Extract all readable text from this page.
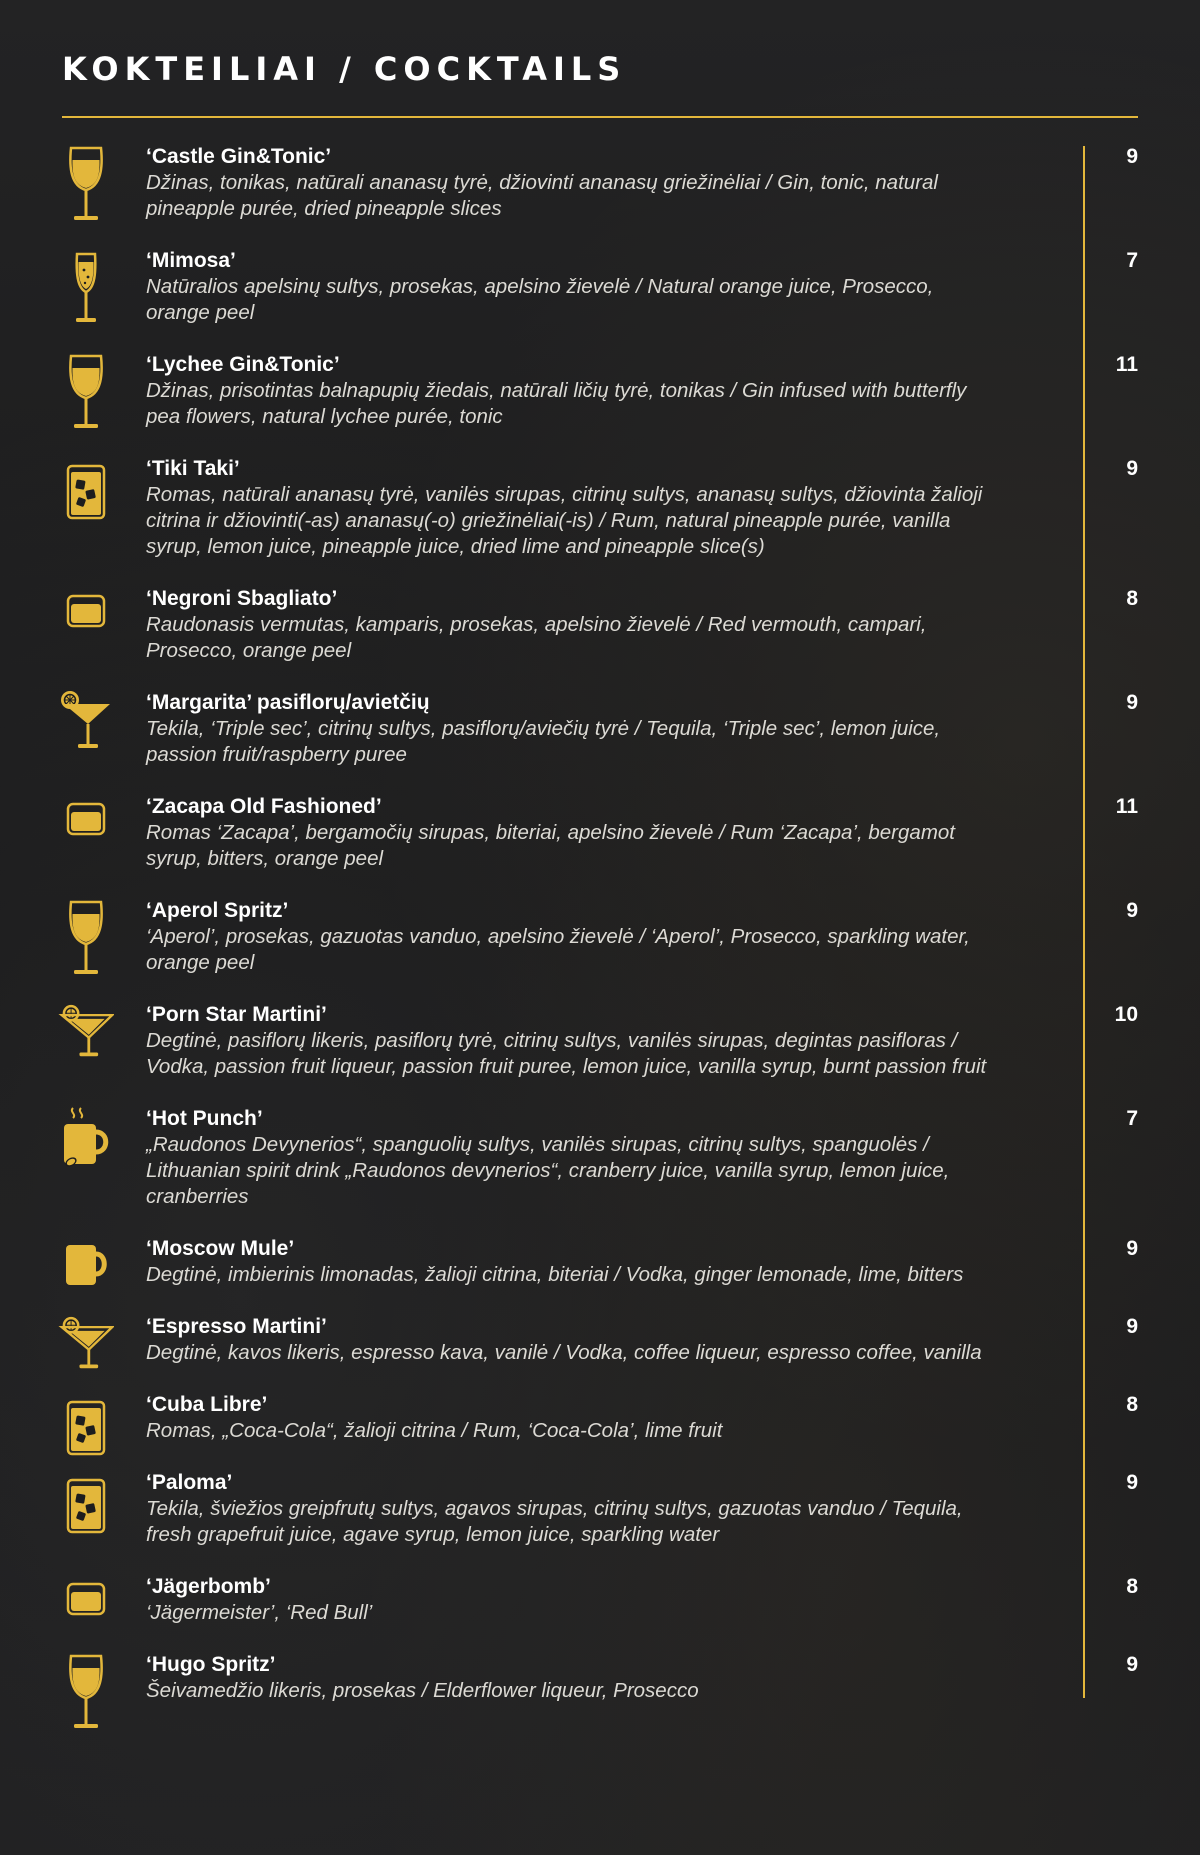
KOKTEILIAI / COCKTAILS
‘Castle Gin&Tonic’
Džinas, tonikas, natūrali ananasų tyrė, džiovinti ananasų griežinėliai / Gin, tonic, natural
pineapple purée, dried pineapple slices
9
‘Mimosa’
Natūralios apelsinų sultys, prosekas, apelsino žievelė / Natural orange juice, Prosecco,
orange peel
7
‘Lychee Gin&Tonic’
Džinas, prisotintas balnapupių žiedais, natūrali ličių tyrė, tonikas / Gin infused with butterfly
pea flowers, natural lychee purée, tonic
11
‘Tiki Taki’
Romas, natūrali ananasų tyrė, vanilės sirupas, citrinų sultys, ananasų sultys, džiovinta žalioji
citrina ir džiovinti(-as) ananasų(-o) griežinėliai(-is) / Rum, natural pineapple purée, vanilla
syrup, lemon juice, pineapple juice, dried lime and pineapple slice(s)
9
‘Negroni Sbagliato’
Raudonasis vermutas, kamparis, prosekas, apelsino žievelė / Red vermouth, campari,
Prosecco, orange peel
8
‘Margarita’ pasiflorų/avietčių
Tekila, ‘Triple sec’, citrinų sultys, pasiflorų/aviečių tyrė / Tequila, ‘Triple sec’, lemon juice,
passion fruit/raspberry puree
9
‘Zacapa Old Fashioned’
Romas ‘Zacapa’, bergamočių sirupas, biteriai, apelsino žievelė / Rum ‘Zacapa’, bergamot
syrup, bitters, orange peel
11
‘Aperol Spritz’
‘Aperol’, prosekas, gazuotas vanduo, apelsino žievelė / ‘Aperol’, Prosecco, sparkling water,
orange peel
9
‘Porn Star Martini’
Degtinė, pasiflorų likeris, pasiflorų tyrė, citrinų sultys, vanilės sirupas, degintas pasifloras /
Vodka, passion fruit liqueur, passion fruit puree, lemon juice, vanilla syrup, burnt passion fruit
10
‘Hot Punch’
„Raudonos Devynerios“, spanguolių sultys, vanilės sirupas, citrinų sultys, spanguolės /
Lithuanian spirit drink „Raudonos devynerios“, cranberry juice, vanilla syrup, lemon juice,
cranberries
7
‘Moscow Mule’
Degtinė, imbierinis limonadas, žalioji citrina, biteriai / Vodka, ginger lemonade, lime, bitters
9
‘Espresso Martini’
Degtinė, kavos likeris, espresso kava, vanilė / Vodka, coffee liqueur, espresso coffee, vanilla
9
‘Cuba Libre’
Romas, „Coca-Cola“, žalioji citrina / Rum, ‘Coca-Cola’, lime fruit
8
‘Paloma’
Tekila, šviežios greipfrutų sultys, agavos sirupas, citrinų sultys, gazuotas vanduo / Tequila,
fresh grapefruit juice, agave syrup, lemon juice, sparkling water
9
‘Jägerbomb’
‘Jägermeister’, ‘Red Bull’
8
‘Hugo Spritz’
Šeivamedžio likeris, prosekas / Elderflower liqueur, Prosecco
9
